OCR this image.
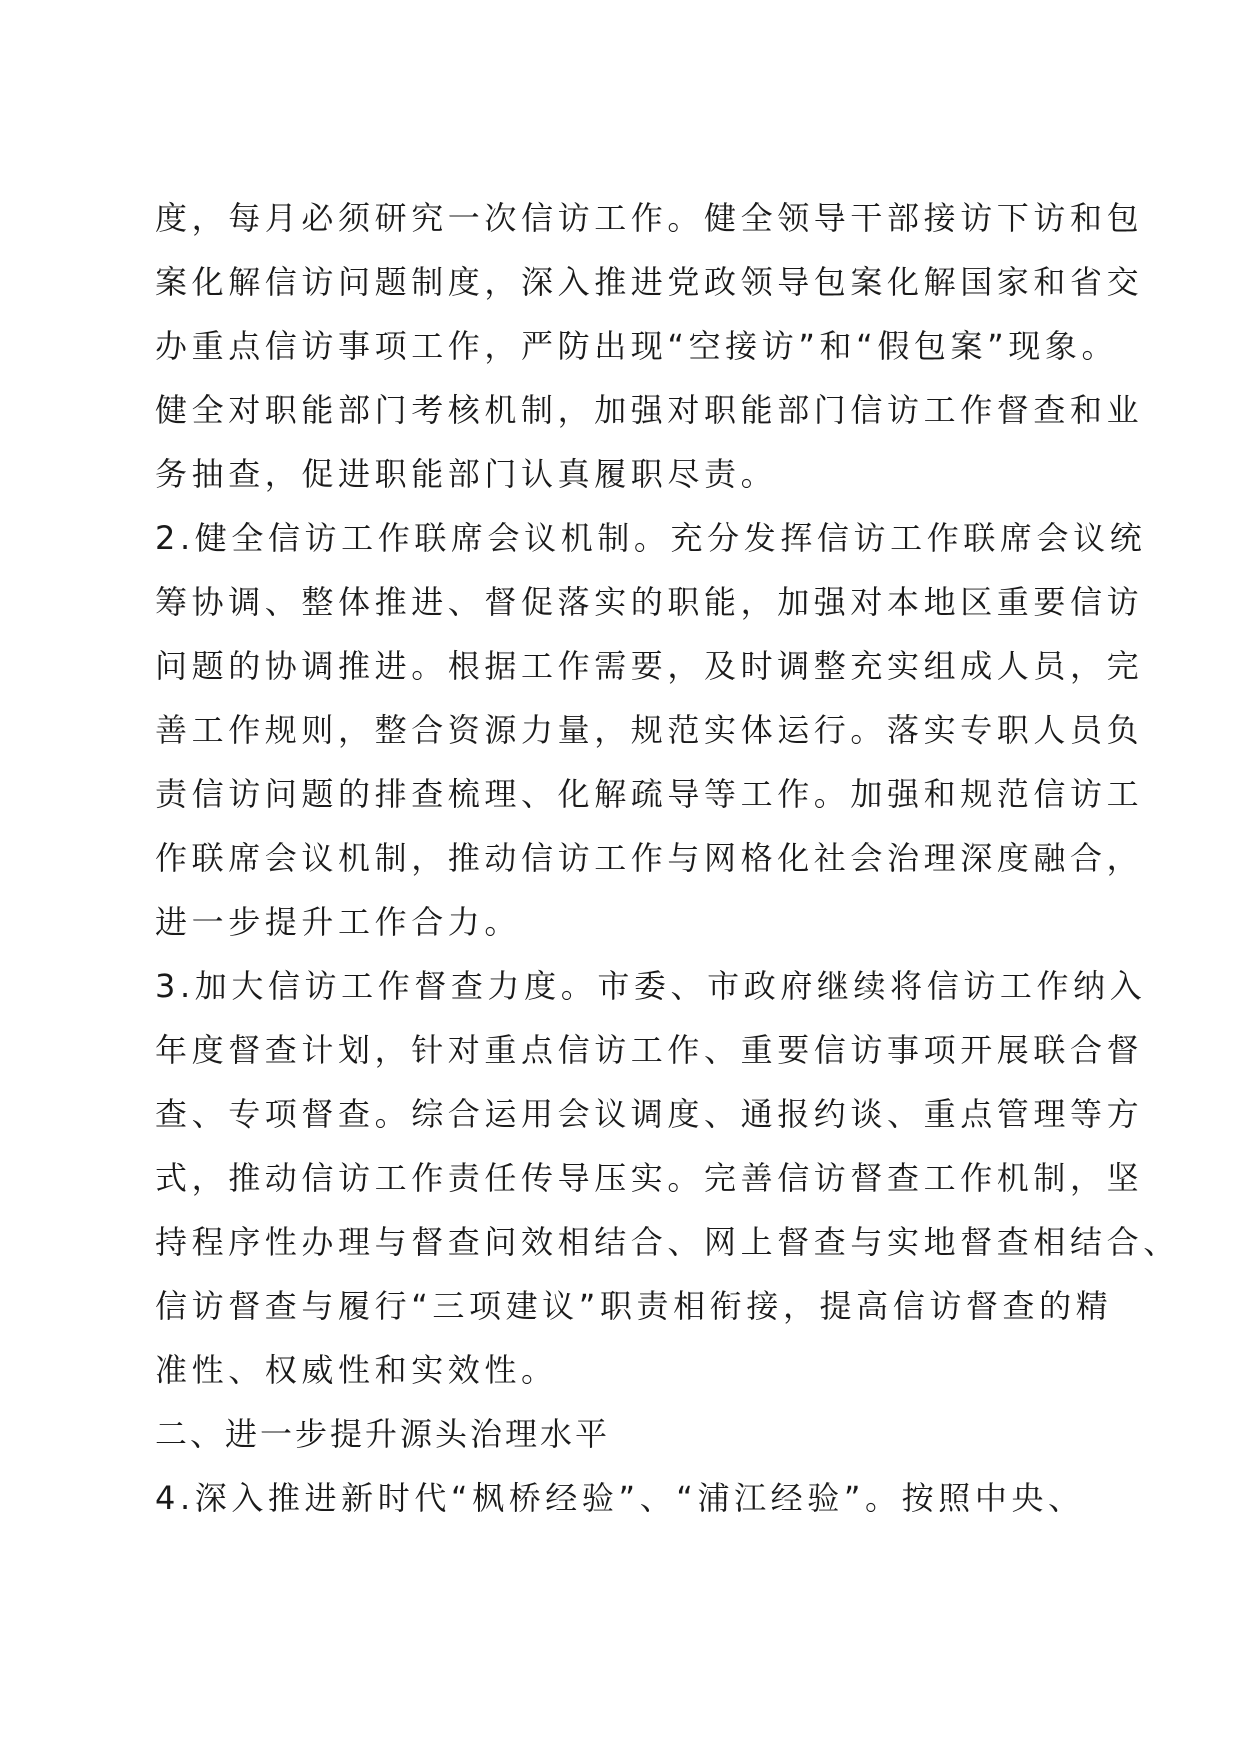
度，每月必须研究一次信访工作。健全领导干部接访下访和包
案化解信访问题制度，深入推进党政领导包案化解国家和省交
办重点信访事项工作，严防出现“空接访”和“假包案”现象。
健全对职能部门考核机制，加强对职能部门信访工作督查和业
务抽查，促进职能部门认真履职尽责。
2.健全信访工作联席会议机制。充分发挥信访工作联席会议统
筹协调、整体推进、督促落实的职能，加强对本地区重要信访
问题的协调推进。根据工作需要，及时调整充实组成人员，完
善工作规则，整合资源力量，规范实体运行。落实专职人员负
责信访问题的排查梳理、化解疏导等工作。加强和规范信访工
作联席会议机制，推动信访工作与网格化社会治理深度融合，
进一步提升工作合力。
3.加大信访工作督查力度。市委、市政府继续将信访工作纳入
年度督查计划，针对重点信访工作、重要信访事项开展联合督
查、专项督查。综合运用会议调度、通报约谈、重点管理等方
式，推动信访工作责任传导压实。完善信访督查工作机制，坚
持程序性办理与督查问效相结合、网上督查与实地督查相结合、
信访督查与履行“三项建议”职责相衔接，提高信访督查的精
准性、权威性和实效性。
二、进一步提升源头治理水平
4.深入推进新时代“枫桥经验”、“浦江经验”。按照中央、
